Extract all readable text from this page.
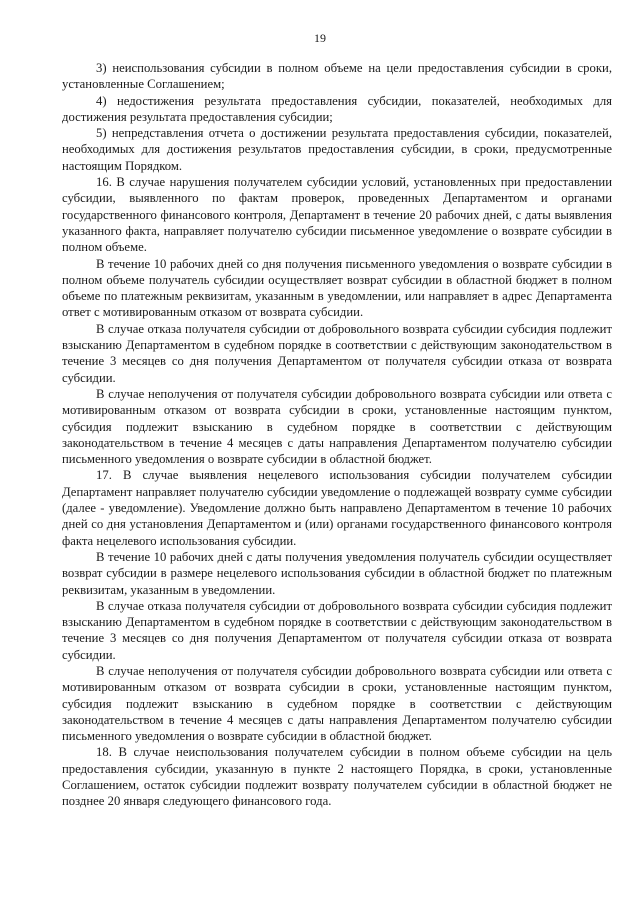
19

3) неиспользования субсидии в полном объеме на цели предоставления субсидии в сроки, установленные Соглашением;

4) недостижения результата предоставления субсидии, показателей, необходимых для достижения результата предоставления субсидии;

5) непредставления отчета о достижении результата предоставления субсидии, показателей, необходимых для достижения результатов предоставления субсидии, в сроки, предусмотренные настоящим Порядком.

16. В случае нарушения получателем субсидии условий, установленных при предоставлении субсидии, выявленного по фактам проверок, проведенных Департаментом и органами государственного финансового контроля, Департамент в течение 20 рабочих дней, с даты выявления указанного факта, направляет получателю субсидии письменное уведомление о возврате субсидии в полном объеме.

В течение 10 рабочих дней со дня получения письменного уведомления о возврате субсидии в полном объеме получатель субсидии осуществляет возврат субсидии в областной бюджет в полном объеме по платежным реквизитам, указанным в уведомлении, или направляет в адрес Департамента ответ с мотивированным отказом от возврата субсидии.

В случае отказа получателя субсидии от добровольного возврата субсидии субсидия подлежит взысканию Департаментом в судебном порядке в соответствии с действующим законодательством в течение 3 месяцев со дня получения Департаментом от получателя субсидии отказа от возврата субсидии.

В случае неполучения от получателя субсидии добровольного возврата субсидии или ответа с мотивированным отказом от возврата субсидии в сроки, установленные настоящим пунктом, субсидия подлежит взысканию в судебном порядке в соответствии с действующим законодательством в течение 4 месяцев с даты направления Департаментом получателю субсидии письменного уведомления о возврате субсидии в областной бюджет.

17. В случае выявления нецелевого использования субсидии получателем субсидии Департамент направляет получателю субсидии уведомление о подлежащей возврату сумме субсидии (далее - уведомление). Уведомление должно быть направлено Департаментом в течение 10 рабочих дней со дня установления Департаментом и (или) органами государственного финансового контроля факта нецелевого использования субсидии.

В течение 10 рабочих дней с даты получения уведомления получатель субсидии осуществляет возврат субсидии в размере нецелевого использования субсидии в областной бюджет по платежным реквизитам, указанным в уведомлении.

В случае отказа получателя субсидии от добровольного возврата субсидии субсидия подлежит взысканию Департаментом в судебном порядке в соответствии с действующим законодательством в течение 3 месяцев со дня получения Департаментом от получателя субсидии отказа от возврата субсидии.

В случае неполучения от получателя субсидии добровольного возврата субсидии или ответа с мотивированным отказом от возврата субсидии в сроки, установленные настоящим пунктом, субсидия подлежит взысканию в судебном порядке в соответствии с действующим законодательством в течение 4 месяцев с даты направления Департаментом получателю субсидии письменного уведомления о возврате субсидии в областной бюджет.

18. В случае неиспользования получателем субсидии в полном объеме субсидии на цель предоставления субсидии, указанную в пункте 2 настоящего Порядка, в сроки, установленные Соглашением, остаток субсидии подлежит возврату получателем субсидии в областной бюджет не позднее 20 января следующего финансового года.
